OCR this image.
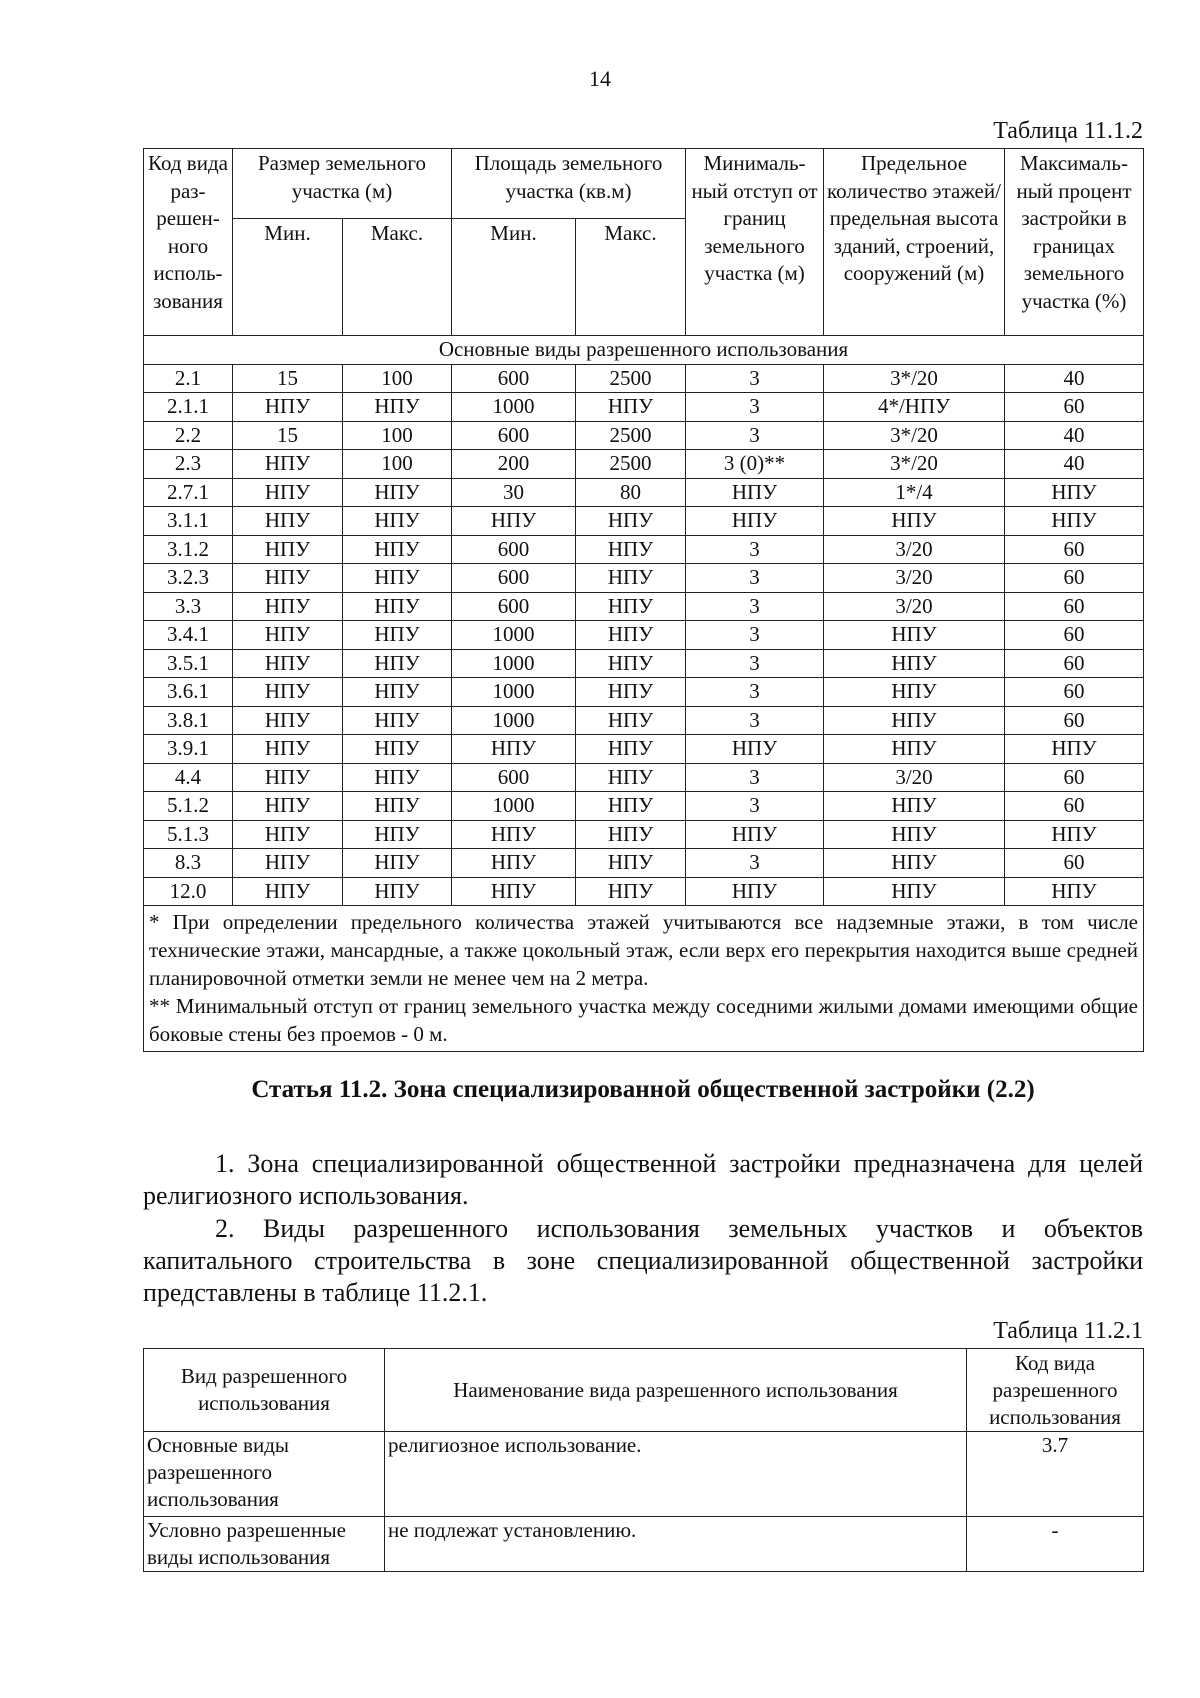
14
Таблица 11.1.2
Код вида раз-решен-ного исполь-зования	Размер земельного участка (м)		Площадь земельного участка (кв.м)		Минималь-ный отступ от границ земельного участка (м)	Предельное количество этажей/ предельная высота зданий, строений, сооружений (м)	Максималь-ный процент застройки в границах земельного участка (%)
	Мин.	Макс.	Мин.	Макс.			
Основные виды разрешенного использования							
2.1	15	100	600	2500	3	3*/20	40
2.1.1	НПУ	НПУ	1000	НПУ	3	4*/НПУ	60
2.2	15	100	600	2500	3	3*/20	40
2.3	НПУ	100	200	2500	3 (0)**	3*/20	40
2.7.1	НПУ	НПУ	30	80	НПУ	1*/4	НПУ
3.1.1	НПУ	НПУ	НПУ	НПУ	НПУ	НПУ	НПУ
3.1.2	НПУ	НПУ	600	НПУ	3	3/20	60
3.2.3	НПУ	НПУ	600	НПУ	3	3/20	60
3.3	НПУ	НПУ	600	НПУ	3	3/20	60
3.4.1	НПУ	НПУ	1000	НПУ	3	НПУ	60
3.5.1	НПУ	НПУ	1000	НПУ	3	НПУ	60
3.6.1	НПУ	НПУ	1000	НПУ	3	НПУ	60
3.8.1	НПУ	НПУ	1000	НПУ	3	НПУ	60
3.9.1	НПУ	НПУ	НПУ	НПУ	НПУ	НПУ	НПУ
4.4	НПУ	НПУ	600	НПУ	3	3/20	60
5.1.2	НПУ	НПУ	1000	НПУ	3	НПУ	60
5.1.3	НПУ	НПУ	НПУ	НПУ	НПУ	НПУ	НПУ
8.3	НПУ	НПУ	НПУ	НПУ	3	НПУ	60
12.0	НПУ	НПУ	НПУ	НПУ	НПУ	НПУ	НПУ

* При определении предельного количества этажей учитываются все надземные этажи, в том числе технические этажи, мансардные, а также цокольный этаж, если верх его перекрытия находится выше средней планировочной отметки земли не менее чем на 2 метра.
** Минимальный отступ от границ земельного участка между соседними жилыми домами имеющими общие боковые стены без проемов - 0 м.							
Статья 11.2. Зона специализированной общественной застройки (2.2)

1. Зона специализированной общественной застройки предназначена для целей религиозного использования.

2. Виды разрешенного использования земельных участков и объектов капитального строительства в зоне специализированной общественной застройки представлены в таблице 11.2.1.

Таблица 11.2.1
Вид разрешенного использования	Наименование вида разрешенного использования	Код вида разрешенного использования
Основные виды разрешенного использования	религиозное использование.	3.7
Условно разрешенные виды использования	не подлежат установлению.	-
